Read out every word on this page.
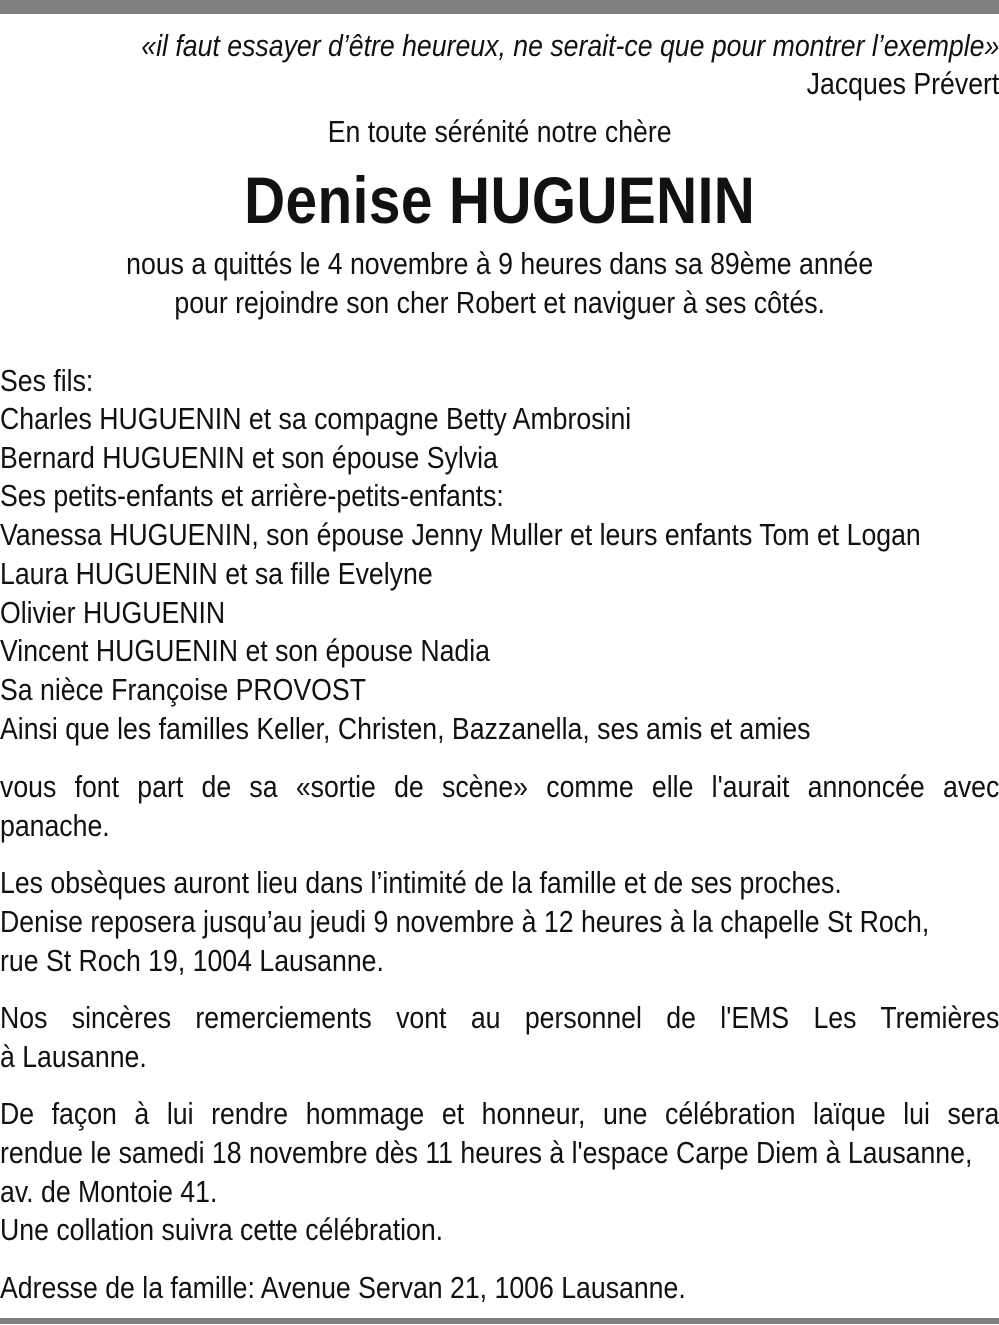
«il faut essayer d’être heureux, ne serait-ce que pour montrer l’exemple»
Jacques Prévert
En toute sérénité notre chère
Denise HUGUENIN
nous a quittés le 4 novembre à 9 heures dans sa 89ème année
pour rejoindre son cher Robert et naviguer à ses côtés.
Ses fils:
Charles HUGUENIN et sa compagne Betty Ambrosini
Bernard HUGUENIN et son épouse Sylvia
Ses petits-enfants et arrière-petits-enfants:
Vanessa HUGUENIN, son épouse Jenny Muller et leurs enfants Tom et Logan
Laura HUGUENIN et sa fille Evelyne
Olivier HUGUENIN
Vincent HUGUENIN et son épouse Nadia
Sa nièce Françoise PROVOST
Ainsi que les familles Keller, Christen, Bazzanella, ses amis et amies
vous font part de sa «sortie de scène» comme elle l'aurait annoncée avec
panache.
Les obsèques auront lieu dans l’intimité de la famille et de ses proches.
Denise reposera jusqu’au jeudi 9 novembre à 12 heures à la chapelle St Roch,
rue St Roch 19, 1004 Lausanne.
Nos sincères remerciements vont au personnel de l'EMS Les Tremières
à Lausanne.
De façon à lui rendre hommage et honneur, une célébration laïque lui sera
rendue le samedi 18 novembre dès 11 heures à l'espace Carpe Diem à Lausanne,
av. de Montoie 41.
Une collation suivra cette célébration.
Adresse de la famille: Avenue Servan 21, 1006 Lausanne.
